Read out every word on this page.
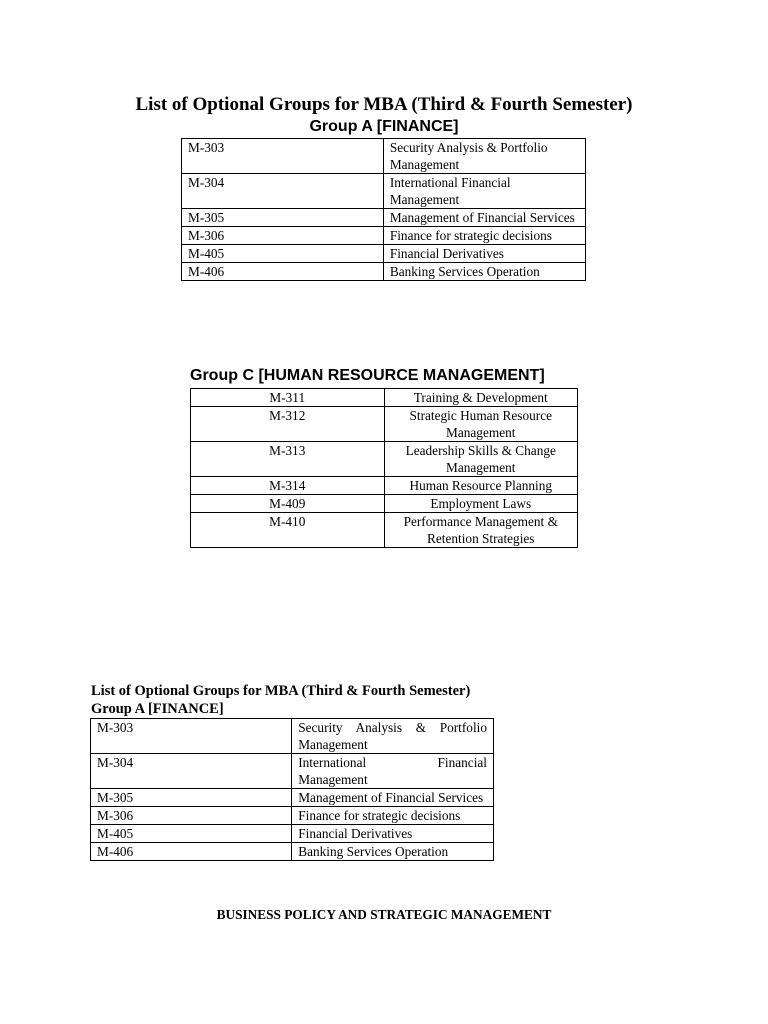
List of Optional Groups for MBA (Third & Fourth Semester)
Group A [FINANCE]
M-303	Security Analysis & Portfolio Management
M-304	International Financial Management
M-305	Management of Financial Services
M-306	Finance for strategic decisions
M-405	Financial Derivatives
M-406	Banking Services Operation
Group C [HUMAN RESOURCE MANAGEMENT]
M-311	Training & Development
M-312	Strategic Human Resource Management
M-313	Leadership Skills & Change Management
M-314	Human Resource Planning
M-409	Employment Laws
M-410	Performance Management & Retention Strategies
List of Optional Groups for MBA (Third & Fourth Semester)
Group A [FINANCE]
M-303	Security Analysis & Portfolio Management
M-304	International Financial Management
M-305	Management of Financial Services
M-306	Finance for strategic decisions
M-405	Financial Derivatives
M-406	Banking Services Operation
BUSINESS POLICY AND STRATEGIC MANAGEMENT
